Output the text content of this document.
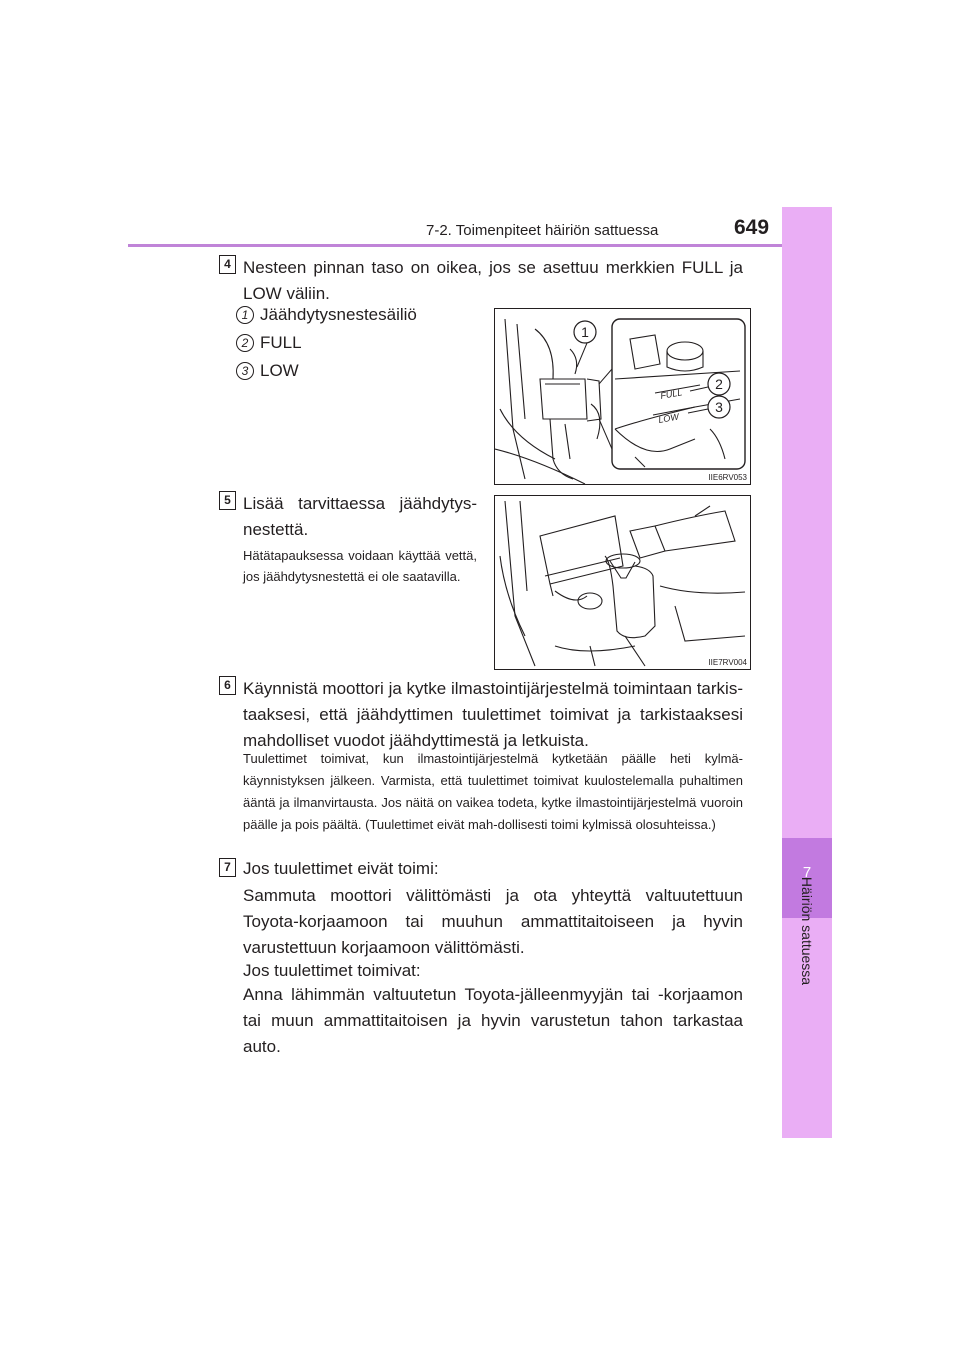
7-2. Toimenpiteet häiriön sattuessa	649
7
Häiriön sattuessa
4 Nesteen pinnan taso on oikea, jos se asettuu merkkien FULL ja LOW väliin.
1 Jäähdytysnestesäiliö
2 FULL
3 LOW
FULL
LOW
1
2
3
IIE6RV053
5 Lisää tarvittaessa jäähdytys-nestettä.
Hätätapauksessa voidaan käyttää vettä, jos jäähdytysnestettä ei ole saatavilla.
IIE7RV004
6 Käynnistä moottori ja kytke ilmastointijärjestelmä toimintaan tarkis-taaksesi, että jäähdyttimen tuulettimet toimivat ja tarkistaaksesi mahdolliset vuodot jäähdyttimestä ja letkuista.
Tuulettimet toimivat, kun ilmastointijärjestelmä kytketään päälle heti kylmä-käynnistyksen jälkeen. Varmista, että tuulettimet toimivat kuulostelemalla puhaltimen ääntä ja ilmanvirtausta. Jos näitä on vaikea todeta, kytke ilmastointijärjestelmä vuoroin päälle ja pois päältä. (Tuulettimet eivät mah-dollisesti toimi kylmissä olosuhteissa.)
7 Jos tuulettimet eivät toimi:
Sammuta moottori välittömästi ja ota yhteyttä valtuutettuun Toyota-korjaamoon tai muuhun ammattitaitoiseen ja hyvin varustettuun korjaamoon välittömästi.
Jos tuulettimet toimivat:
Anna lähimmän valtuutetun Toyota-jälleenmyyjän tai -korjaamon tai muun ammattitaitoisen ja hyvin varustetun tahon tarkastaa auto.
